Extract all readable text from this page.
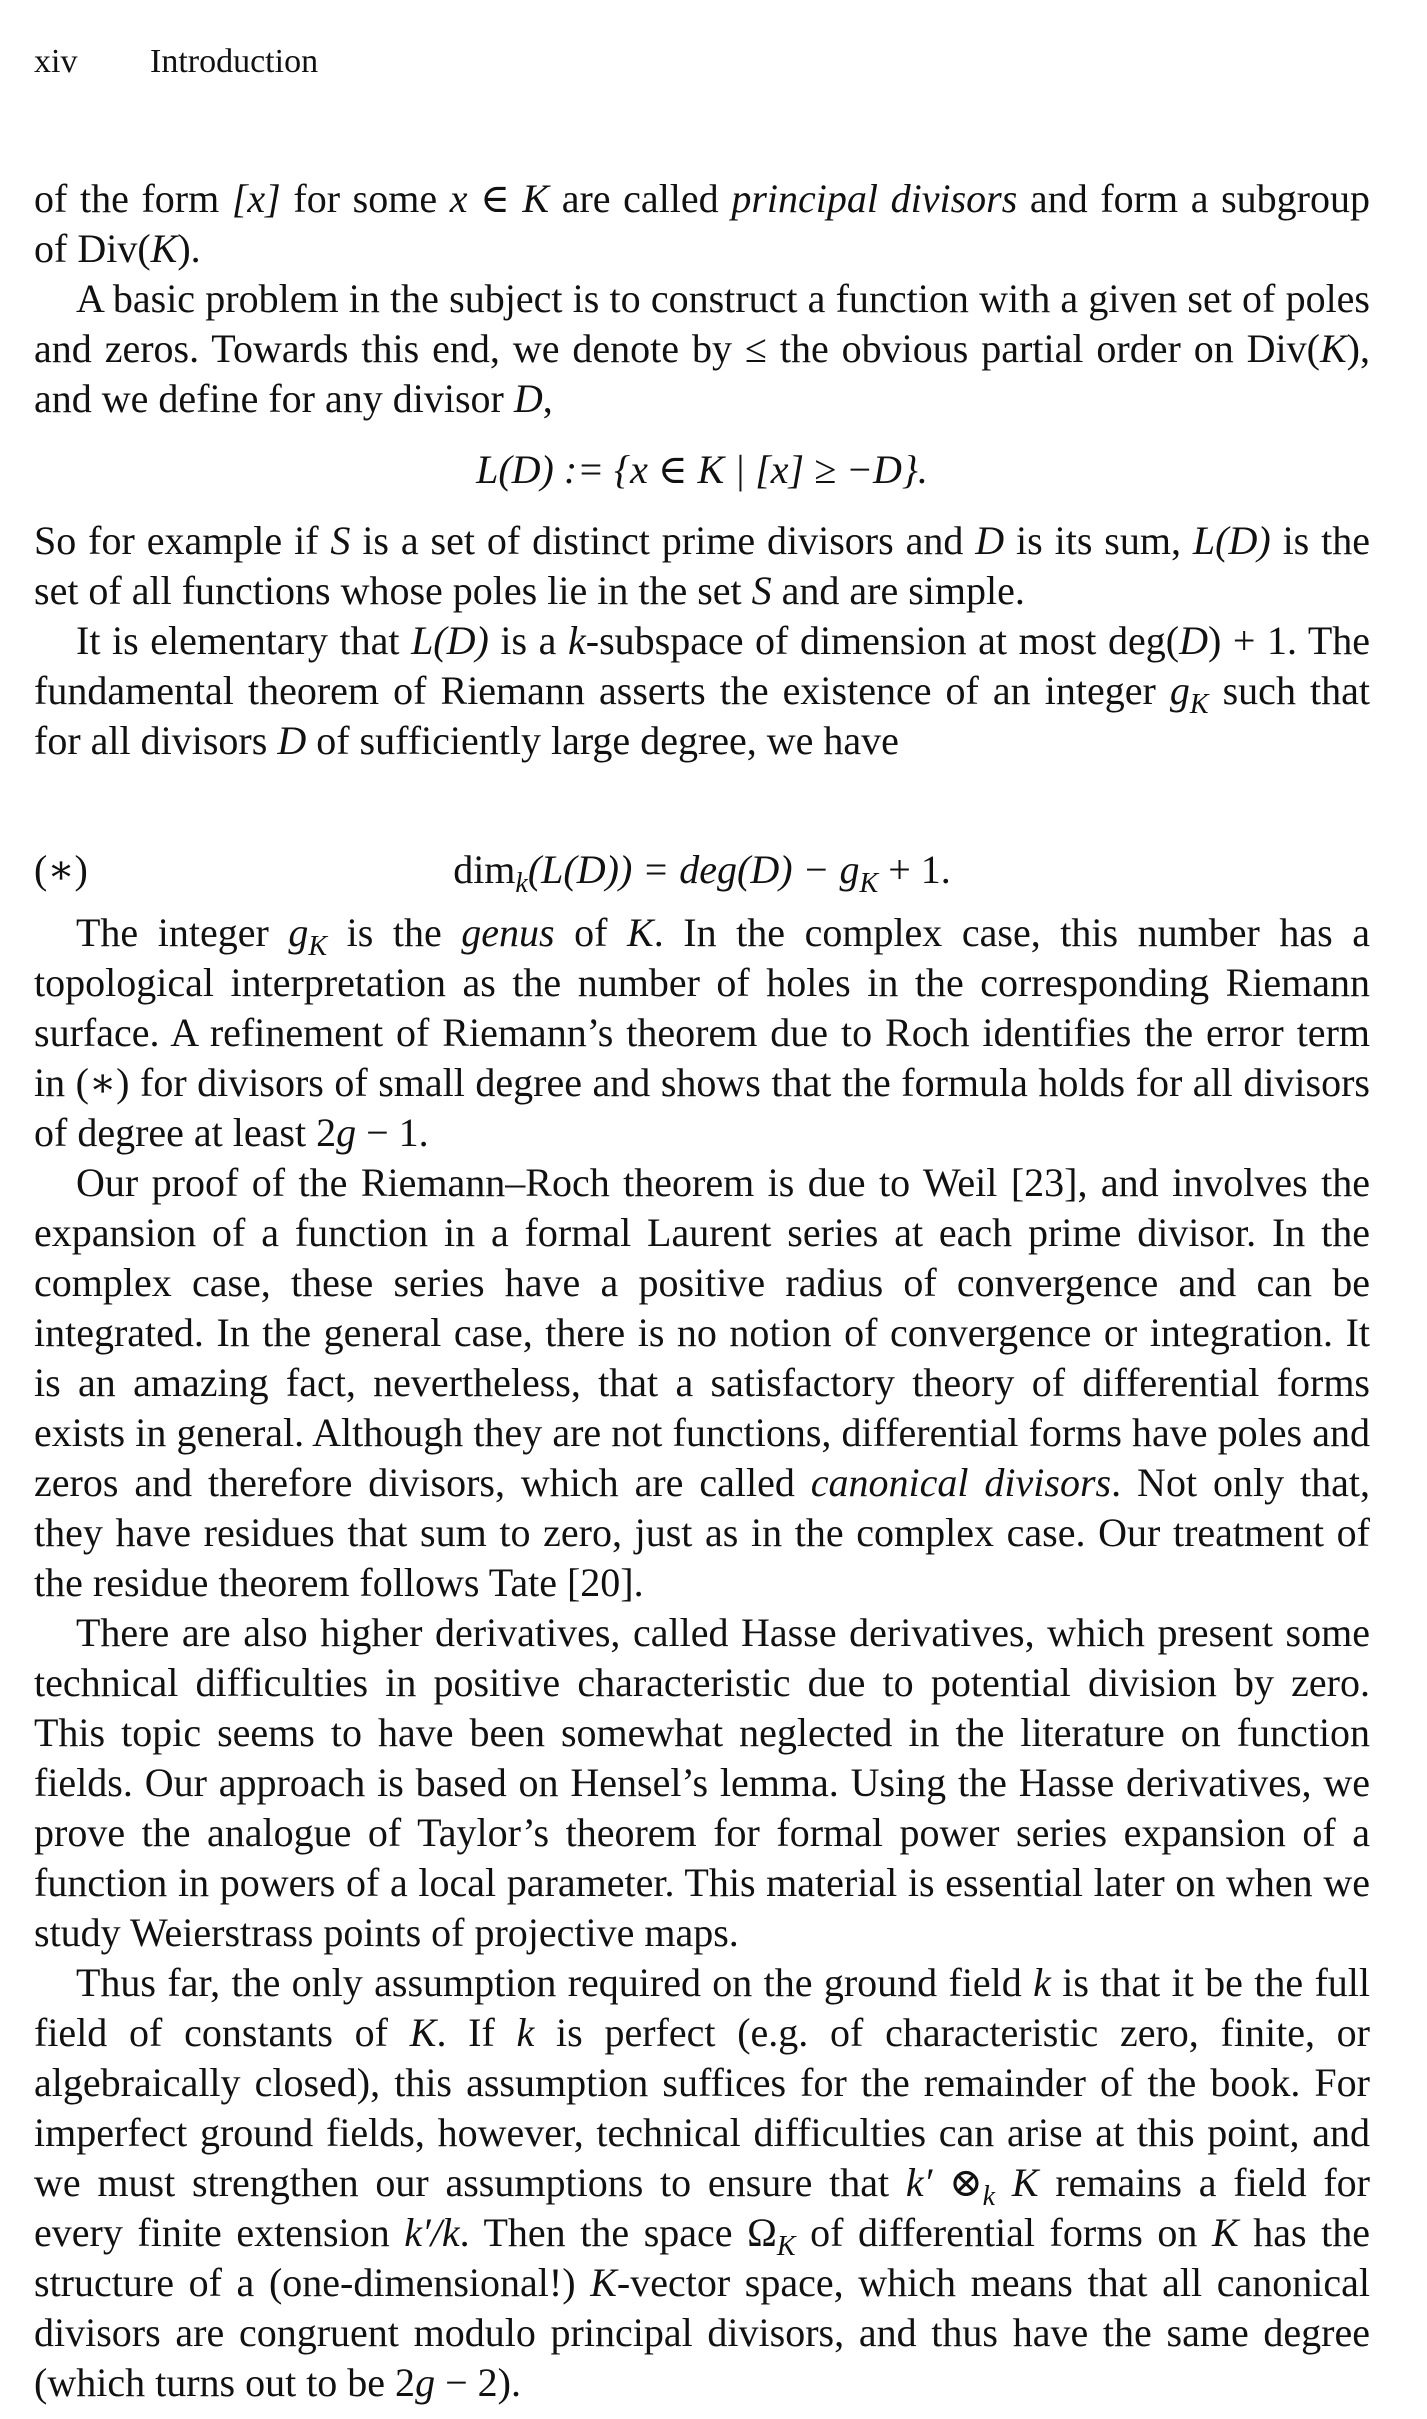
xiv Introduction

of the form [x] for some x ∈ K are called principal divisors and form a subgroup of Div(K).

A basic problem in the subject is to construct a function with a given set of poles and zeros. Towards this end, we denote by ≤ the obvious partial order on Div(K), and we define for any divisor D,

L(D) := {x ∈ K | [x] ≥ −D}.

So for example if S is a set of distinct prime divisors and D is its sum, L(D) is the set of all functions whose poles lie in the set S and are simple.

It is elementary that L(D) is a k-subspace of dimension at most deg(D) + 1. The fundamental theorem of Riemann asserts the existence of an integer $g_K$ such that for all divisors D of sufficiently large degree, we have

(∗)	$dim_k(L(D)) = deg(D) - g_K + 1$.

The integer $g_K$ is the genus of K. In the complex case, this number has a topological interpretation as the number of holes in the corresponding Riemann surface. A refinement of Riemann’s theorem due to Roch identifies the error term in (∗) for divisors of small degree and shows that the formula holds for all divisors of degree at least 2g − 1.

Our proof of the Riemann–Roch theorem is due to Weil [23], and involves the expansion of a function in a formal Laurent series at each prime divisor. In the complex case, these series have a positive radius of convergence and can be integrated. In the general case, there is no notion of convergence or integration. It is an amazing fact, nevertheless, that a satisfactory theory of differential forms exists in general. Although they are not functions, differential forms have poles and zeros and therefore divisors, which are called canonical divisors. Not only that, they have residues that sum to zero, just as in the complex case. Our treatment of the residue theorem follows Tate [20].

There are also higher derivatives, called Hasse derivatives, which present some technical difficulties in positive characteristic due to potential division by zero. This topic seems to have been somewhat neglected in the literature on function fields. Our approach is based on Hensel’s lemma. Using the Hasse derivatives, we prove the analogue of Taylor’s theorem for formal power series expansion of a function in powers of a local parameter. This material is essential later on when we study Weierstrass points of projective maps.

Thus far, the only assumption required on the ground field k is that it be the full field of constants of K. If k is perfect (e.g. of characteristic zero, finite, or algebraically closed), this assumption suffices for the remainder of the book. For imperfect ground fields, however, technical difficulties can arise at this point, and we must strengthen our assumptions to ensure that k′ $\otimes_k$ K remains a field for every finite extension k′/k. Then the space $\Omega_K$ of differential forms on K has the structure of a (one-dimensional!) K-vector space, which means that all canonical divisors are congruent modulo principal divisors, and thus have the same degree (which turns out to be 2g − 2).
